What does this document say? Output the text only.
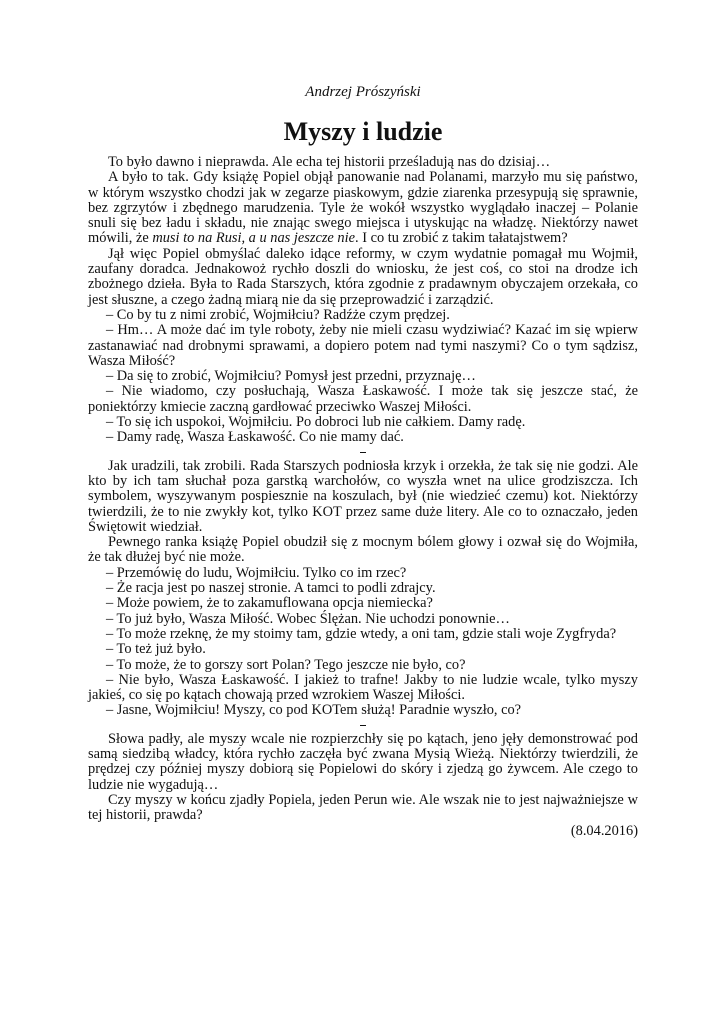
Andrzej Prószyński
Myszy i ludzie

To było dawno i nieprawda. Ale echa tej historii prześladują nas do dzisiaj…

A było to tak. Gdy książę Popiel objął panowanie nad Polanami, marzyło mu się państwo, w którym wszystko chodzi jak w zegarze piaskowym, gdzie ziarenka przesypują się sprawnie, bez zgrzytów i zbędnego marudzenia. Tyle że wokół wszystko wyglądało inaczej – Polanie snuli się bez ładu i składu, nie znając swego miejsca i utyskując na władzę. Niektórzy nawet mówili, że musi to na Rusi, a u nas jeszcze nie. I co tu zrobić z takim tałatajstwem?

Jął więc Popiel obmyślać daleko idące reformy, w czym wydatnie pomagał mu Wojmił, zaufany doradca. Jednakowoż rychło doszli do wniosku, że jest coś, co stoi na drodze ich zbożnego dzieła. Była to Rada Starszych, która zgodnie z pradawnym obyczajem orzekała, co jest słuszne, a czego żadną miarą nie da się przeprowadzić i zarządzić.

– Co by tu z nimi zrobić, Wojmiłciu? Radźże czym prędzej.

– Hm… A może dać im tyle roboty, żeby nie mieli czasu wydziwiać? Kazać im się wpierw zastanawiać nad drobnymi sprawami, a dopiero potem nad tymi naszymi? Co o tym sądzisz, Wasza Miłość?

– Da się to zrobić, Wojmiłciu? Pomysł jest przedni, przyznaję…

– Nie wiadomo, czy posłuchają, Wasza Łaskawość. I może tak się jeszcze stać, że poniektórzy kmiecie zaczną gardłować przeciwko Waszej Miłości.

– To się ich uspokoi, Wojmiłciu. Po dobroci lub nie całkiem. Damy radę.

– Damy radę, Wasza Łaskawość. Co nie mamy dać.

Jak uradzili, tak zrobili. Rada Starszych podniosła krzyk i orzekła, że tak się nie godzi. Ale kto by ich tam słuchał poza garstką warchołów, co wyszła wnet na ulice grodziszcza. Ich symbolem, wyszywanym pospiesznie na koszulach, był (nie wiedzieć czemu) kot. Niektórzy twierdzili, że to nie zwykły kot, tylko KOT przez same duże litery. Ale co to oznaczało, jeden Świętowit wiedział.

Pewnego ranka książę Popiel obudził się z mocnym bólem głowy i ozwał się do Wojmiła, że tak dłużej być nie może.

– Przemówię do ludu, Wojmiłciu. Tylko co im rzec?

– Że racja jest po naszej stronie. A tamci to podli zdrajcy.

– Może powiem, że to zakamuflowana opcja niemiecka?

– To już było, Wasza Miłość. Wobec Ślężan. Nie uchodzi ponownie…

– To może rzeknę, że my stoimy tam, gdzie wtedy, a oni tam, gdzie stali woje Zygfryda?

– To też już było.

– To może, że to gorszy sort Polan? Tego jeszcze nie było, co?

– Nie było, Wasza Łaskawość. I jakież to trafne! Jakby to nie ludzie wcale, tylko myszy jakieś, co się po kątach chowają przed wzrokiem Waszej Miłości.

– Jasne, Wojmiłciu! Myszy, co pod KOTem służą! Paradnie wyszło, co?

Słowa padły, ale myszy wcale nie rozpierzchły się po kątach, jeno jęły demonstrować pod samą siedzibą władcy, która rychło zaczęła być zwana Mysią Wieżą. Niektórzy twierdzili, że prędzej czy później myszy dobiorą się Popielowi do skóry i zjedzą go żywcem. Ale czego to ludzie nie wygadują…

Czy myszy w końcu zjadły Popiela, jeden Perun wie. Ale wszak nie to jest najważniejsze w tej historii, prawda?

(8.04.2016)
